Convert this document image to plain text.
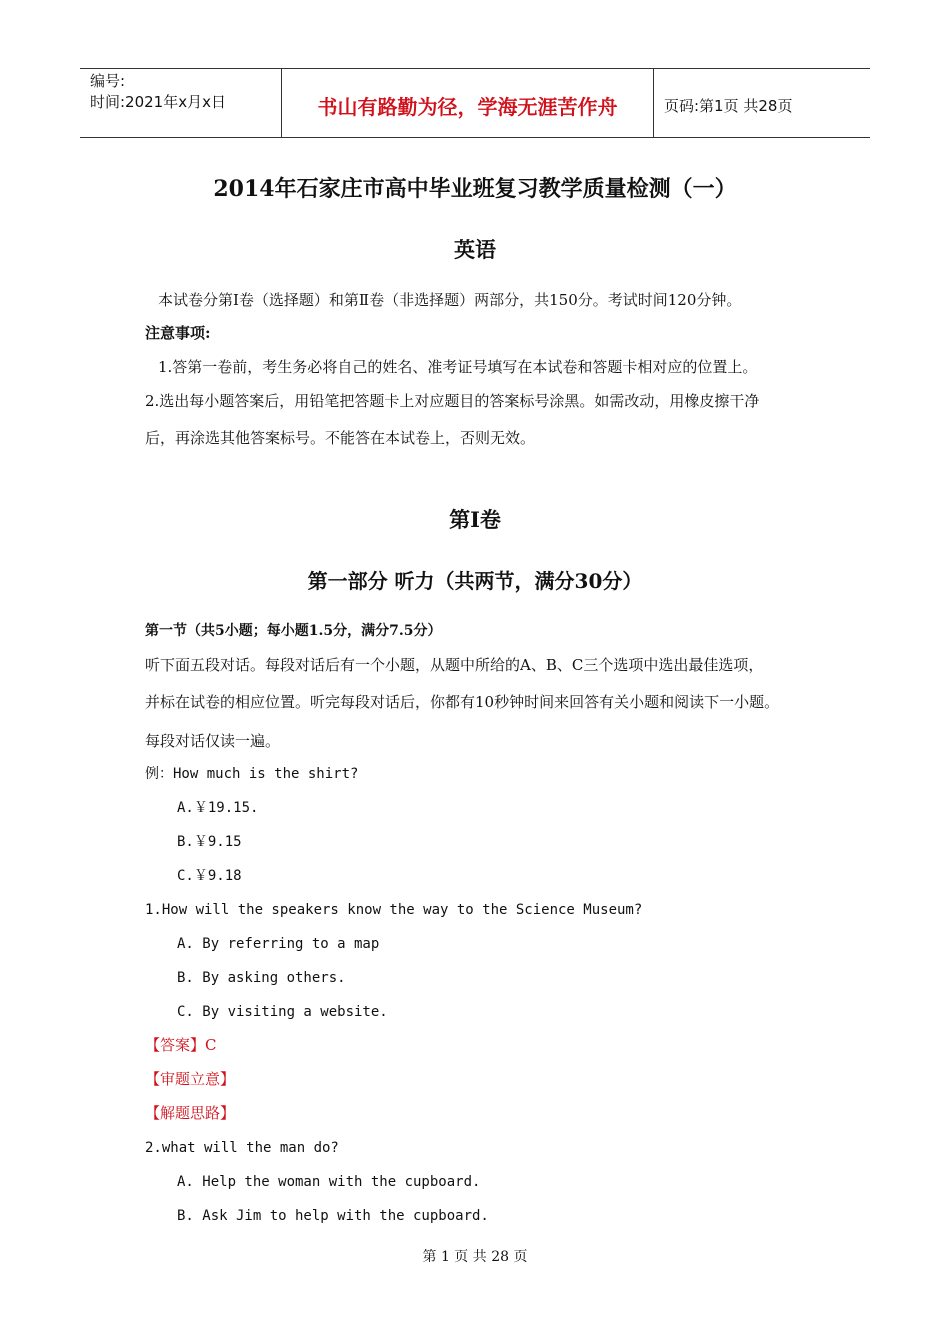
编号:
时间:2021年x月x日	书山有路勤为径，学海无涯苦作舟	页码:第1页 共28页
2014年石家庄市高中毕业班复习教学质量检测（一）
英语
本试卷分第Ⅰ卷（选择题）和第Ⅱ卷（非选择题）两部分，共150分。考试时间120分钟。
注意事项:
1.答第一卷前，考生务必将自己的姓名、准考证号填写在本试卷和答题卡相对应的位置上。
2.选出每小题答案后，用铅笔把答题卡上对应题目的答案标号涂黑。如需改动，用橡皮擦干净
后，再涂选其他答案标号。不能答在本试卷上，否则无效。
第Ⅰ卷
第一部分 听力（共两节，满分30分）
第一节（共5小题；每小题1.5分，满分7.5分）
听下面五段对话。每段对话后有一个小题，从题中所给的A、B、C三个选项中选出最佳选项，
并标在试卷的相应位置。听完每段对话后，你都有10秒钟时间来回答有关小题和阅读下一小题。
每段对话仅读一遍。
例：How much is the shirt?
A.￥19.15.
B.￥9.15
C.￥9.18
1.How will the speakers know the way to the Science Museum?
A. By referring to a map
B. By asking others.
C. By visiting a website.
【答案】C
【审题立意】
【解题思路】
2.what will the man do?
A. Help the woman with the cupboard.
B. Ask Jim to help with the cupboard.
第 1 页 共 28 页
